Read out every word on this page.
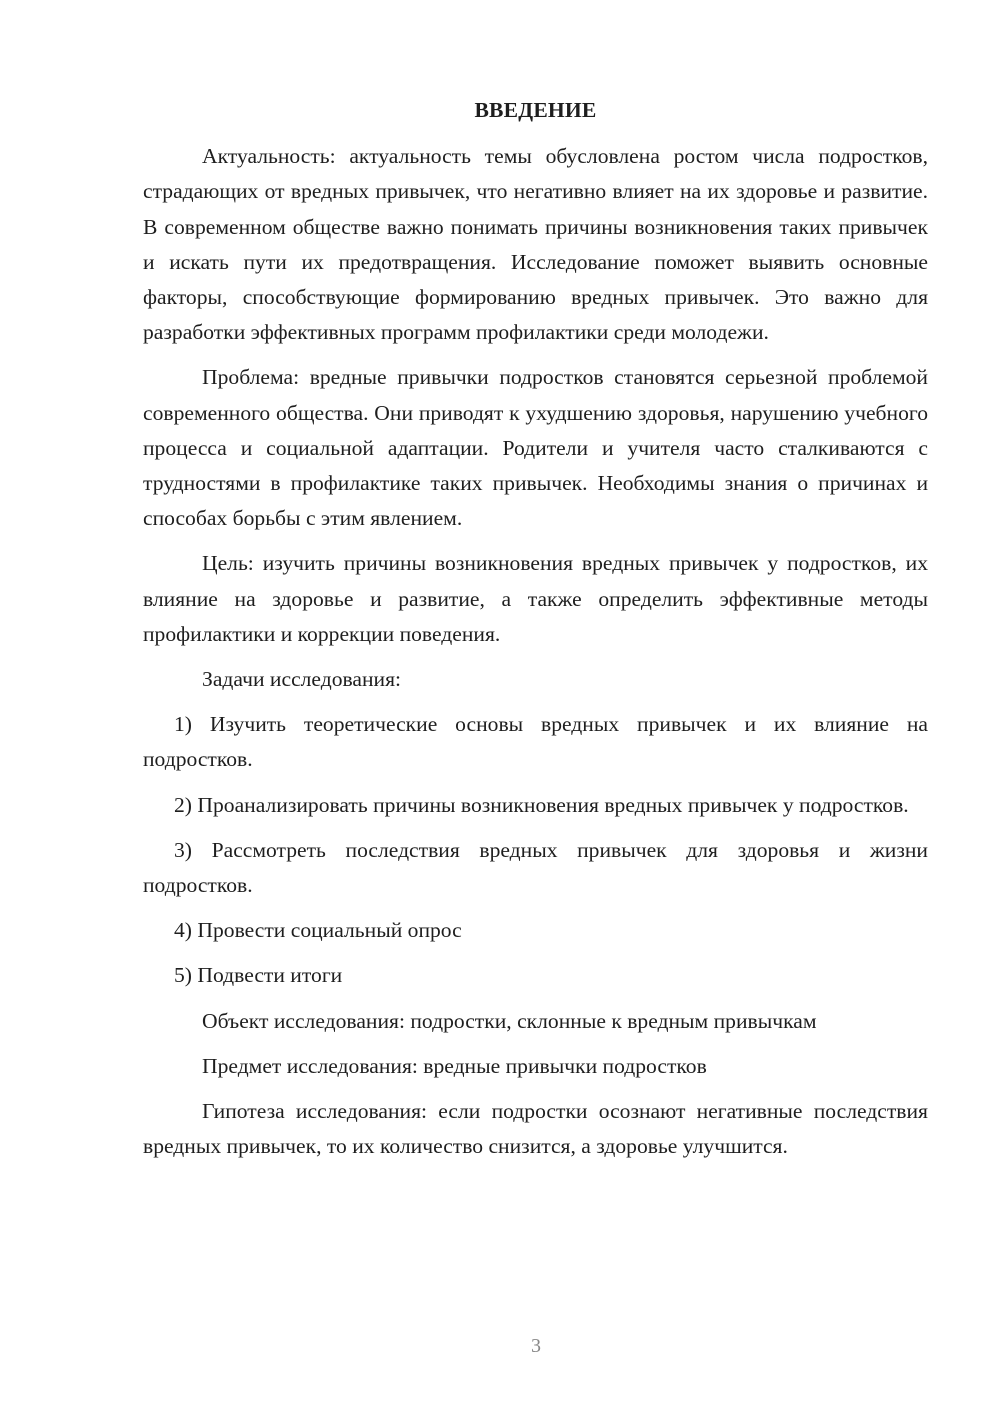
ВВЕДЕНИЕ

Актуальность: актуальность темы обусловлена ростом числа подростков, страдающих от вредных привычек, что негативно влияет на их здоровье и развитие. В современном обществе важно понимать причины возникновения таких привычек и искать пути их предотвращения. Исследование поможет выявить основные факторы, способствующие формированию вредных привычек. Это важно для разработки эффективных программ профилактики среди молодежи.

Проблема: вредные привычки подростков становятся серьезной проблемой современного общества. Они приводят к ухудшению здоровья, нарушению учебного процесса и социальной адаптации. Родители и учителя часто сталкиваются с трудностями в профилактике таких привычек. Необходимы знания о причинах и способах борьбы с этим явлением.

Цель: изучить причины возникновения вредных привычек у подростков, их влияние на здоровье и развитие, а также определить эффективные методы профилактики и коррекции поведения.

Задачи исследования:

1) Изучить теоретические основы вредных привычек и их влияние на подростков.

2) Проанализировать причины возникновения вредных привычек у подростков.

3) Рассмотреть последствия вредных привычек для здоровья и жизни подростков.

4) Провести социальный опрос

5) Подвести итоги

Объект исследования: подростки, склонные к вредным привычкам

Предмет исследования: вредные привычки подростков

Гипотеза исследования: если подростки осознают негативные последствия вредных привычек, то их количество снизится, а здоровье улучшится.

3
